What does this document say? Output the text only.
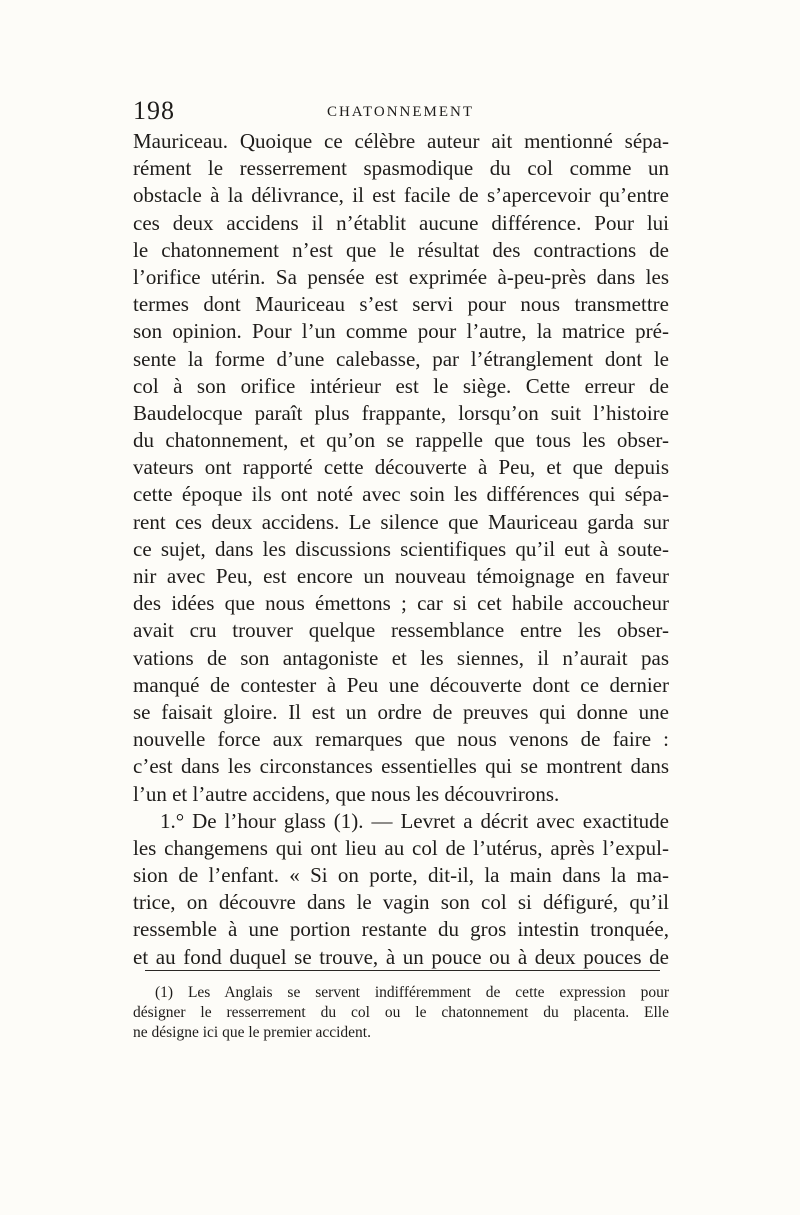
198	CHATONNEMENT
Mauriceau. Quoique ce célèbre auteur ait mentionné sépa-
rément le resserrement spasmodique du col comme un
obstacle à la délivrance, il est facile de s’apercevoir qu’entre
ces deux accidens il n’établit aucune différence. Pour lui
le chatonnement n’est que le résultat des contractions de
l’orifice utérin. Sa pensée est exprimée à-peu-près dans les
termes dont Mauriceau s’est servi pour nous transmettre
son opinion. Pour l’un comme pour l’autre, la matrice pré-
sente la forme d’une calebasse, par l’étranglement dont le
col à son orifice intérieur est le siège. Cette erreur de
Baudelocque paraît plus frappante, lorsqu’on suit l’histoire
du chatonnement, et qu’on se rappelle que tous les obser-
vateurs ont rapporté cette découverte à Peu, et que depuis
cette époque ils ont noté avec soin les différences qui sépa-
rent ces deux accidens. Le silence que Mauriceau garda sur
ce sujet, dans les discussions scientifiques qu’il eut à soute-
nir avec Peu, est encore un nouveau témoignage en faveur
des idées que nous émettons ; car si cet habile accoucheur
avait cru trouver quelque ressemblance entre les obser-
vations de son antagoniste et les siennes, il n’aurait pas
manqué de contester à Peu une découverte dont ce dernier
se faisait gloire. Il est un ordre de preuves qui donne une
nouvelle force aux remarques que nous venons de faire :
c’est dans les circonstances essentielles qui se montrent dans
l’un et l’autre accidens, que nous les découvrirons.
1.° De l’hour glass (1). — Levret a décrit avec exactitude
les changemens qui ont lieu au col de l’utérus, après l’expul-
sion de l’enfant. « Si on porte, dit-il, la main dans la ma-
trice, on découvre dans le vagin son col si défiguré, qu’il
ressemble à une portion restante du gros intestin tronquée,
et au fond duquel se trouve, à un pouce ou à deux pouces de
(1) Les Anglais se servent indifféremment de cette expression pour
désigner le resserrement du col ou le chatonnement du placenta. Elle
ne désigne ici que le premier accident.
